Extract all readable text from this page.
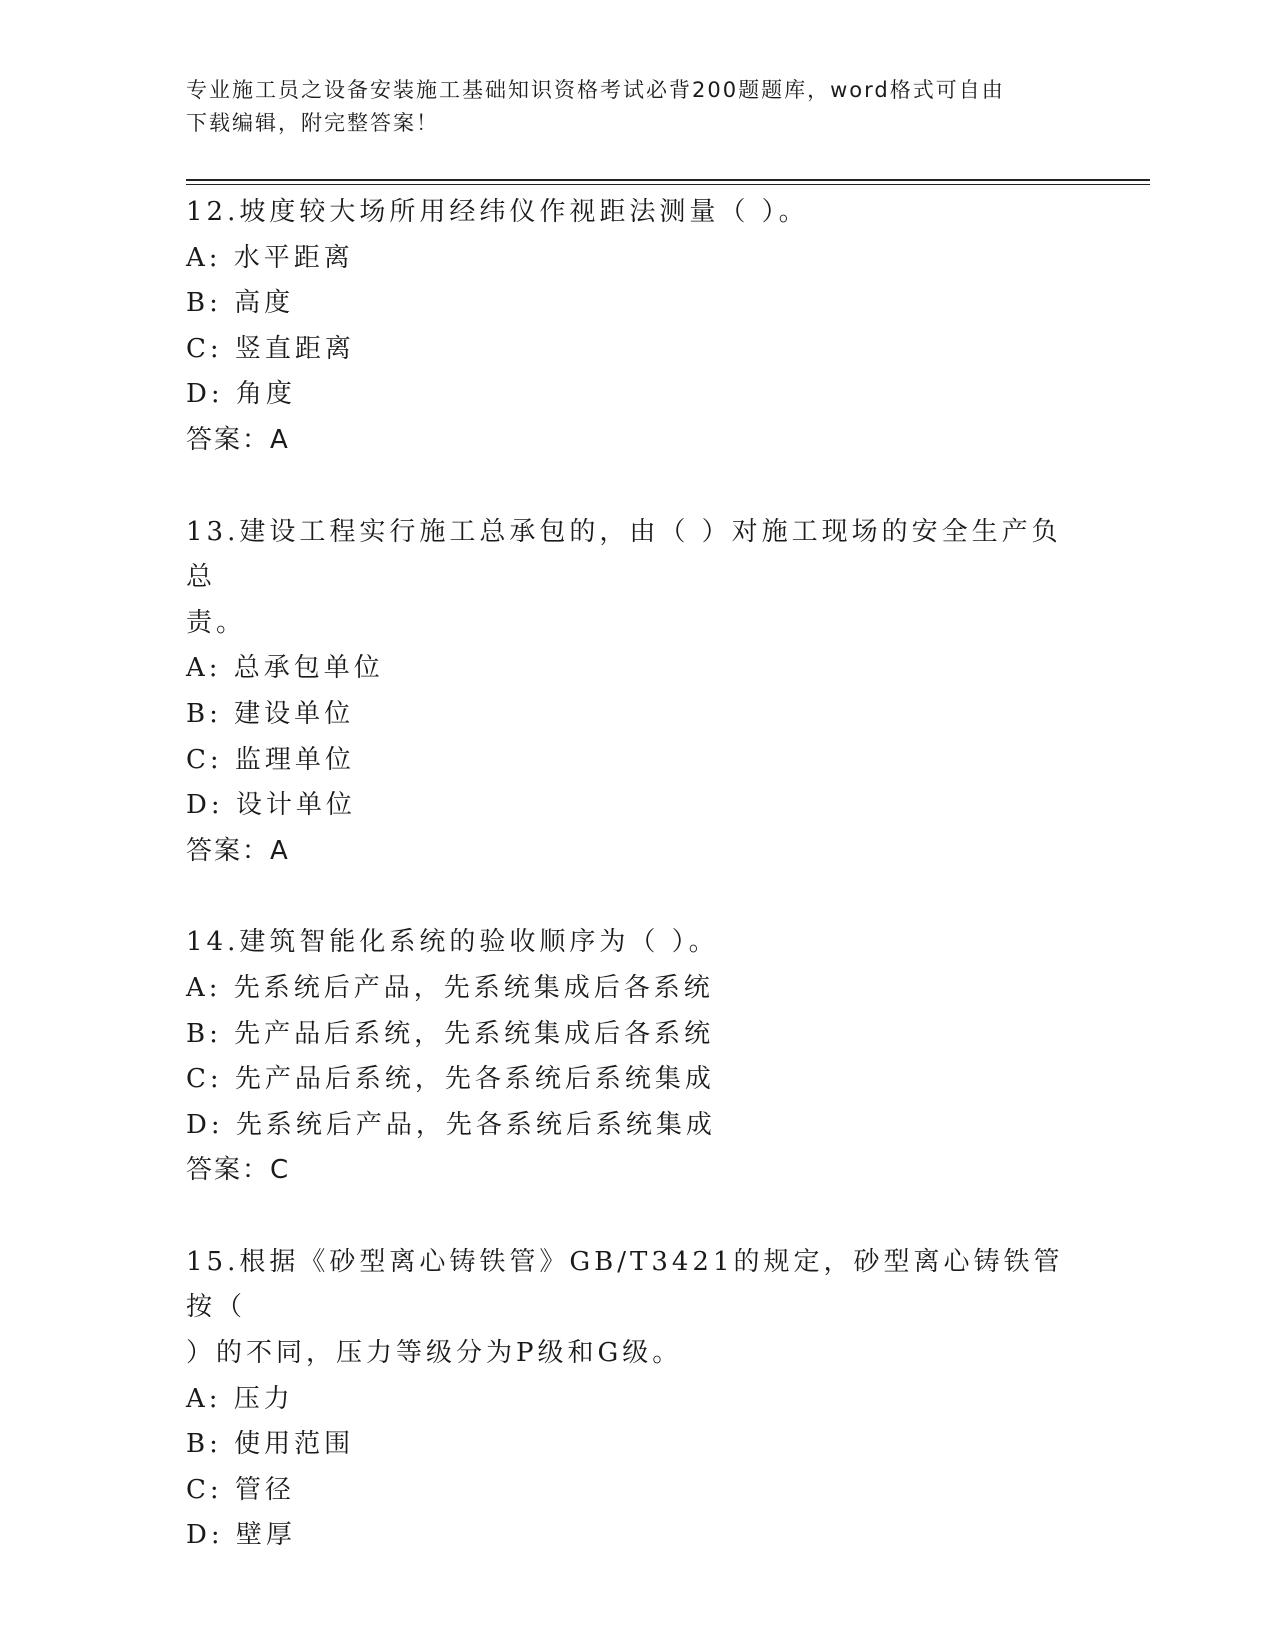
专业施工员之设备安装施工基础知识资格考试必背200题题库，word格式可自由
下载编辑，附完整答案！
12.坡度较大场所用经纬仪作视距法测量（ ）。
A: 水平距离
B: 高度
C: 竖直距离
D: 角度
答案：A
13.建设工程实行施工总承包的，由（ ）对施工现场的安全生产负总
责。
A: 总承包单位
B: 建设单位
C: 监理单位
D: 设计单位
答案：A
14.建筑智能化系统的验收顺序为（ ）。
A: 先系统后产品，先系统集成后各系统
B: 先产品后系统，先系统集成后各系统
C: 先产品后系统，先各系统后系统集成
D: 先系统后产品，先各系统后系统集成
答案：C
15.根据《砂型离心铸铁管》GB/T3421的规定，砂型离心铸铁管按（
）的不同，压力等级分为P级和G级。
A: 压力
B: 使用范围
C: 管径
D: 壁厚
